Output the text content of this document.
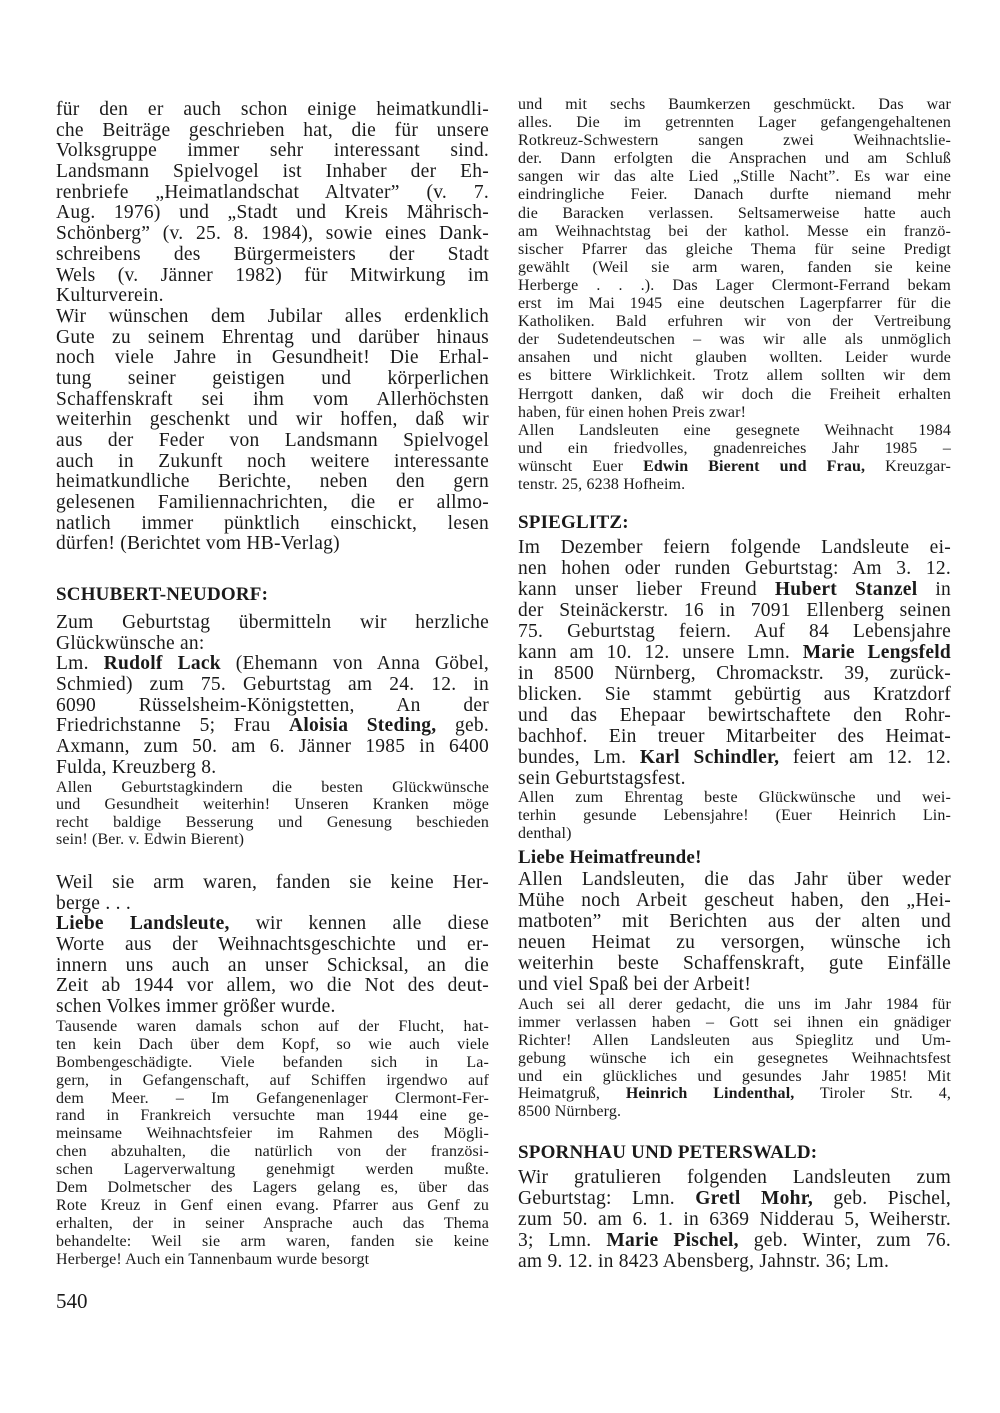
für den er auch schon einige heimatkundli-
che Beiträge geschrieben hat, die für unsere
Volksgruppe immer sehr interessant sind.
Landsmann Spielvogel ist Inhaber der Eh-
renbriefe „Heimatlandschat Altvater” (v. 7.
Aug. 1976) und „Stadt und Kreis Mährisch-
Schönberg” (v. 25. 8. 1984), sowie eines Dank-
schreibens des Bürgermeisters der Stadt
Wels (v. Jänner 1982) für Mitwirkung im
Kulturverein.
Wir wünschen dem Jubilar alles erdenklich
Gute zu seinem Ehrentag und darüber hinaus
noch viele Jahre in Gesundheit! Die Erhal-
tung seiner geistigen und körperlichen
Schaffenskraft sei ihm vom Allerhöchsten
weiterhin geschenkt und wir hoffen, daß wir
aus der Feder von Landsmann Spielvogel
auch in Zukunft noch weitere interessante
heimatkundliche Berichte, neben den gern
gelesenen Familiennachrichten, die er allmo-
natlich immer pünktlich einschickt, lesen
dürfen! (Berichtet vom HB-Verlag)
SCHUBERT-NEUDORF:
Zum Geburtstag übermitteln wir herzliche
Glückwünsche an:
Lm. Rudolf Lack (Ehemann von Anna Göbel,
Schmied) zum 75. Geburtstag am 24. 12. in
6090 Rüsselsheim-Königstetten, An der
Friedrichstanne 5; Frau Aloisia Steding, geb.
Axmann, zum 50. am 6. Jänner 1985 in 6400
Fulda, Kreuzberg 8.
Allen Geburtstagkindern die besten Glückwünsche
und Gesundheit weiterhin! Unseren Kranken möge
recht baldige Besserung und Genesung beschieden
sein! (Ber. v. Edwin Bierent)
Weil sie arm waren, fanden sie keine Her-
berge . . .
Liebe Landsleute, wir kennen alle diese
Worte aus der Weihnachtsgeschichte und er-
innern uns auch an unser Schicksal, an die
Zeit ab 1944 vor allem, wo die Not des deut-
schen Volkes immer größer wurde.
Tausende waren damals schon auf der Flucht, hat-
ten kein Dach über dem Kopf, so wie auch viele
Bombengeschädigte. Viele befanden sich in La-
gern, in Gefangenschaft, auf Schiffen irgendwo auf
dem Meer. – Im Gefangenenlager Clermont-Fer-
rand in Frankreich versuchte man 1944 eine ge-
meinsame Weihnachtsfeier im Rahmen des Mögli-
chen abzuhalten, die natürlich von der französi-
schen Lagerverwaltung genehmigt werden mußte.
Dem Dolmetscher des Lagers gelang es, über das
Rote Kreuz in Genf einen evang. Pfarrer aus Genf zu
erhalten, der in seiner Ansprache auch das Thema
behandelte: Weil sie arm waren, fanden sie keine
Herberge! Auch ein Tannenbaum wurde besorgt
540
und mit sechs Baumkerzen geschmückt. Das war
alles. Die im getrennten Lager gefangengehaltenen
Rotkreuz-Schwestern sangen zwei Weihnachtslie-
der. Dann erfolgten die Ansprachen und am Schluß
sangen wir das alte Lied „Stille Nacht”. Es war eine
eindringliche Feier. Danach durfte niemand mehr
die Baracken verlassen. Seltsamerweise hatte auch
am Weihnachtstag bei der kathol. Messe ein franzö-
sischer Pfarrer das gleiche Thema für seine Predigt
gewählt (Weil sie arm waren, fanden sie keine
Herberge . . .). Das Lager Clermont-Ferrand bekam
erst im Mai 1945 eine deutschen Lagerpfarrer für die
Katholiken. Bald erfuhren wir von der Vertreibung
der Sudetendeutschen – was wir alle als unmöglich
ansahen und nicht glauben wollten. Leider wurde
es bittere Wirklichkeit. Trotz allem sollten wir dem
Herrgott danken, daß wir doch die Freiheit erhalten
haben, für einen hohen Preis zwar!
Allen Landsleuten eine gesegnete Weihnacht 1984
und ein friedvolles, gnadenreiches Jahr 1985 –
wünscht Euer Edwin Bierent und Frau, Kreuzgar-
tenstr. 25, 6238 Hofheim.
SPIEGLITZ:
Im Dezember feiern folgende Landsleute ei-
nen hohen oder runden Geburtstag: Am 3. 12.
kann unser lieber Freund Hubert Stanzel in
der Steinäckerstr. 16 in 7091 Ellenberg seinen
75. Geburtstag feiern. Auf 84 Lebensjahre
kann am 10. 12. unsere Lmn. Marie Lengsfeld
in 8500 Nürnberg, Chromackstr. 39, zurück-
blicken. Sie stammt gebürtig aus Kratzdorf
und das Ehepaar bewirtschaftete den Rohr-
bachhof. Ein treuer Mitarbeiter des Heimat-
bundes, Lm. Karl Schindler, feiert am 12. 12.
sein Geburtstagsfest.
Allen zum Ehrentag beste Glückwünsche und wei-
terhin gesunde Lebensjahre! (Euer Heinrich Lin-
denthal)
Liebe Heimatfreunde!
Allen Landsleuten, die das Jahr über weder
Mühe noch Arbeit gescheut haben, den „Hei-
matboten” mit Berichten aus der alten und
neuen Heimat zu versorgen, wünsche ich
weiterhin beste Schaffenskraft, gute Einfälle
und viel Spaß bei der Arbeit!
Auch sei all derer gedacht, die uns im Jahr 1984 für
immer verlassen haben – Gott sei ihnen ein gnädiger
Richter! Allen Landsleuten aus Spieglitz und Um-
gebung wünsche ich ein gesegnetes Weihnachtsfest
und ein glückliches und gesundes Jahr 1985! Mit
Heimatgruß, Heinrich Lindenthal, Tiroler Str. 4,
8500 Nürnberg.
SPORNHAU UND PETERSWALD:
Wir gratulieren folgenden Landsleuten zum
Geburtstag: Lmn. Gretl Mohr, geb. Pischel,
zum 50. am 6. 1. in 6369 Nidderau 5, Weiherstr.
3; Lmn. Marie Pischel, geb. Winter, zum 76.
am 9. 12. in 8423 Abensberg, Jahnstr. 36; Lm.
